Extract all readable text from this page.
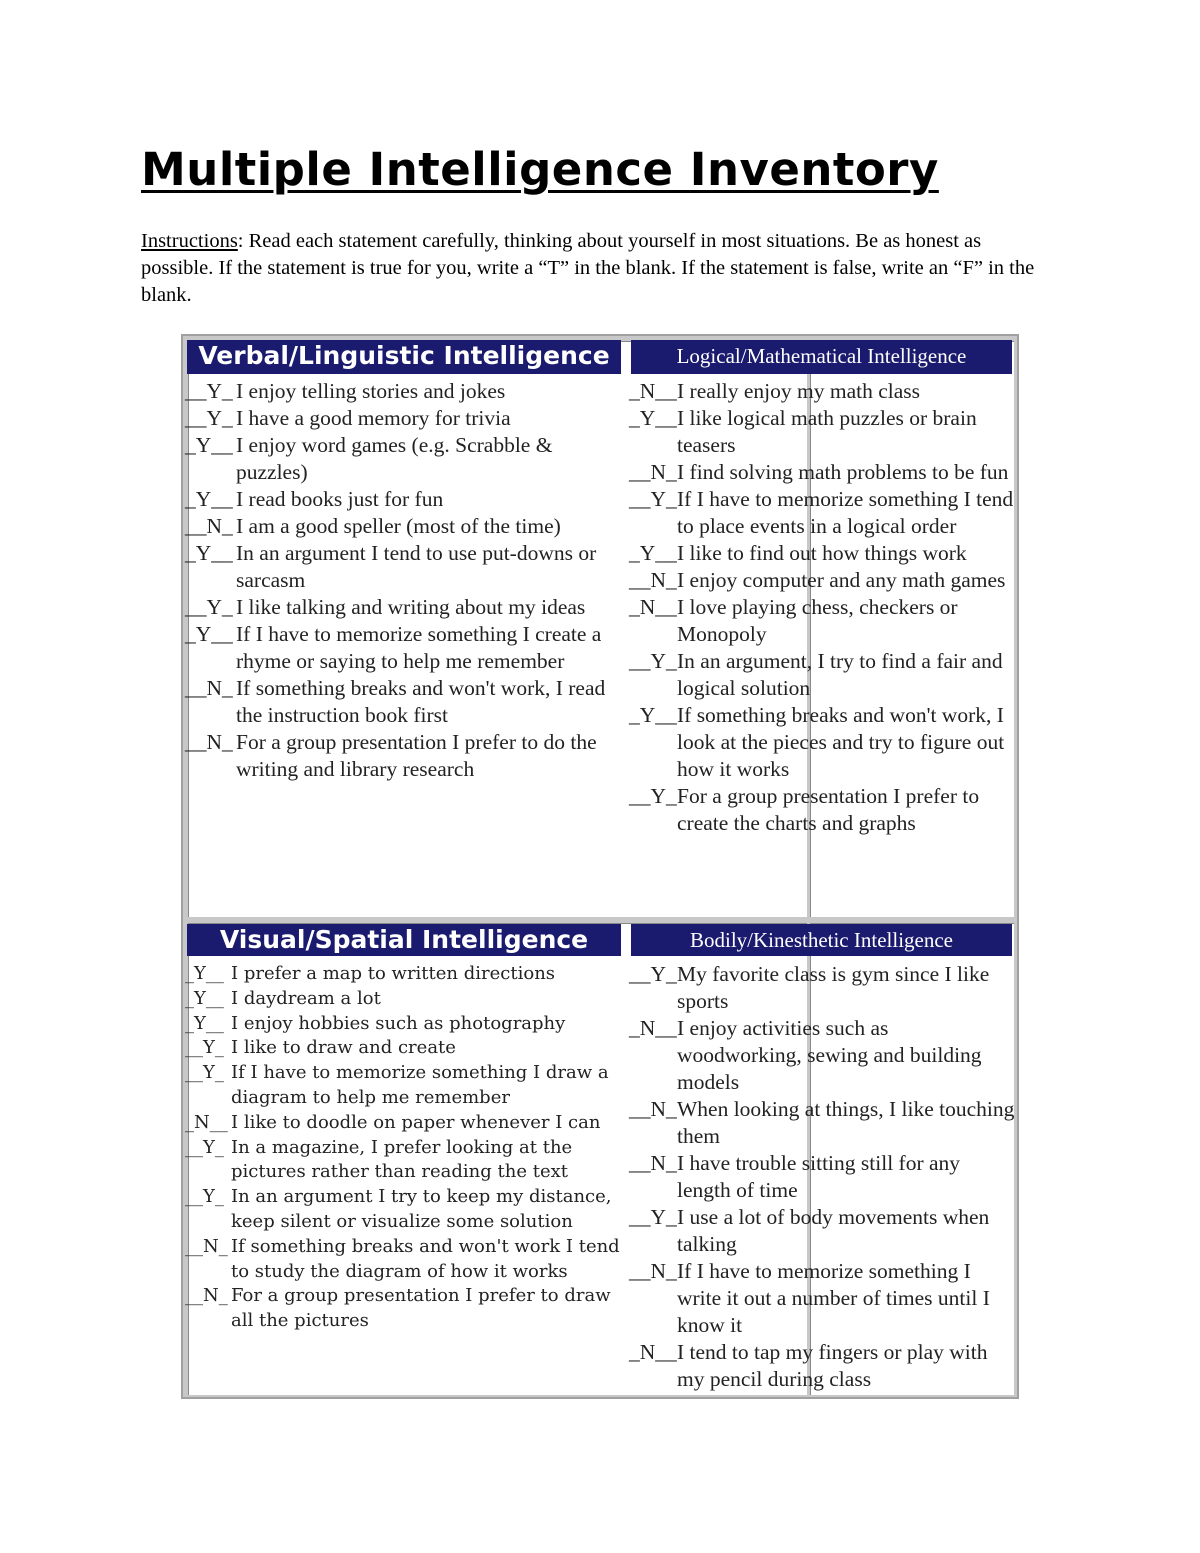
Multiple Intelligence Inventory

Instructions: Read each statement carefully, thinking about yourself in most situations. Be as honest as possible. If the statement is true for you, write a “T” in the blank. If the statement is false, write an “F” in the blank.

Verbal/Linguistic Intelligence	Logical/Mathematical Intelligence
Visual/Spatial Intelligence	Bodily/Kinesthetic Intelligence
__Y_ I enjoy telling stories and jokes
__Y_ I have a good memory for trivia
_Y__ I enjoy word games (e.g. Scrabble & puzzles)
_Y__ I read books just for fun
__N_ I am a good speller (most of the time)
_Y__ In an argument I tend to use put-downs or sarcasm
__Y_ I like talking and writing about my ideas
_Y__ If I have to memorize something I create a rhyme or saying to help me remember
__N_ If something breaks and won't work, I read the instruction book first
__N_ For a group presentation I prefer to do the writing and library research
_N__ I really enjoy my math class
_Y__ I like logical math puzzles or brain teasers
__N_ I find solving math problems to be fun
__Y_ If I have to memorize something I tend to place events in a logical order
_Y__ I like to find out how things work
__N_ I enjoy computer and any math games
_N__ I love playing chess, checkers or Monopoly
__Y_ In an argument, I try to find a fair and logical solution
_Y__ If something breaks and won't work, I look at the pieces and try to figure out how it works
__Y_ For a group presentation I prefer to create the charts and graphs
_Y__ I prefer a map to written directions
_Y__ I daydream a lot
_Y__ I enjoy hobbies such as photography
__Y_ I like to draw and create
__Y_ If I have to memorize something I draw a diagram to help me remember
_N__ I like to doodle on paper whenever I can
__Y_ In a magazine, I prefer looking at the pictures rather than reading the text
__Y_ In an argument I try to keep my distance, keep silent or visualize some solution
__N_ If something breaks and won't work I tend to study the diagram of how it works
__N_ For a group presentation I prefer to draw all the pictures
__Y_ My favorite class is gym since I like sports
_N__ I enjoy activities such as woodworking, sewing and building models
__N_ When looking at things, I like touching them
__N_ I have trouble sitting still for any length of time
__Y_ I use a lot of body movements when talking
__N_ If I have to memorize something I write it out a number of times until I know it
_N__ I tend to tap my fingers or play with my pencil during class
